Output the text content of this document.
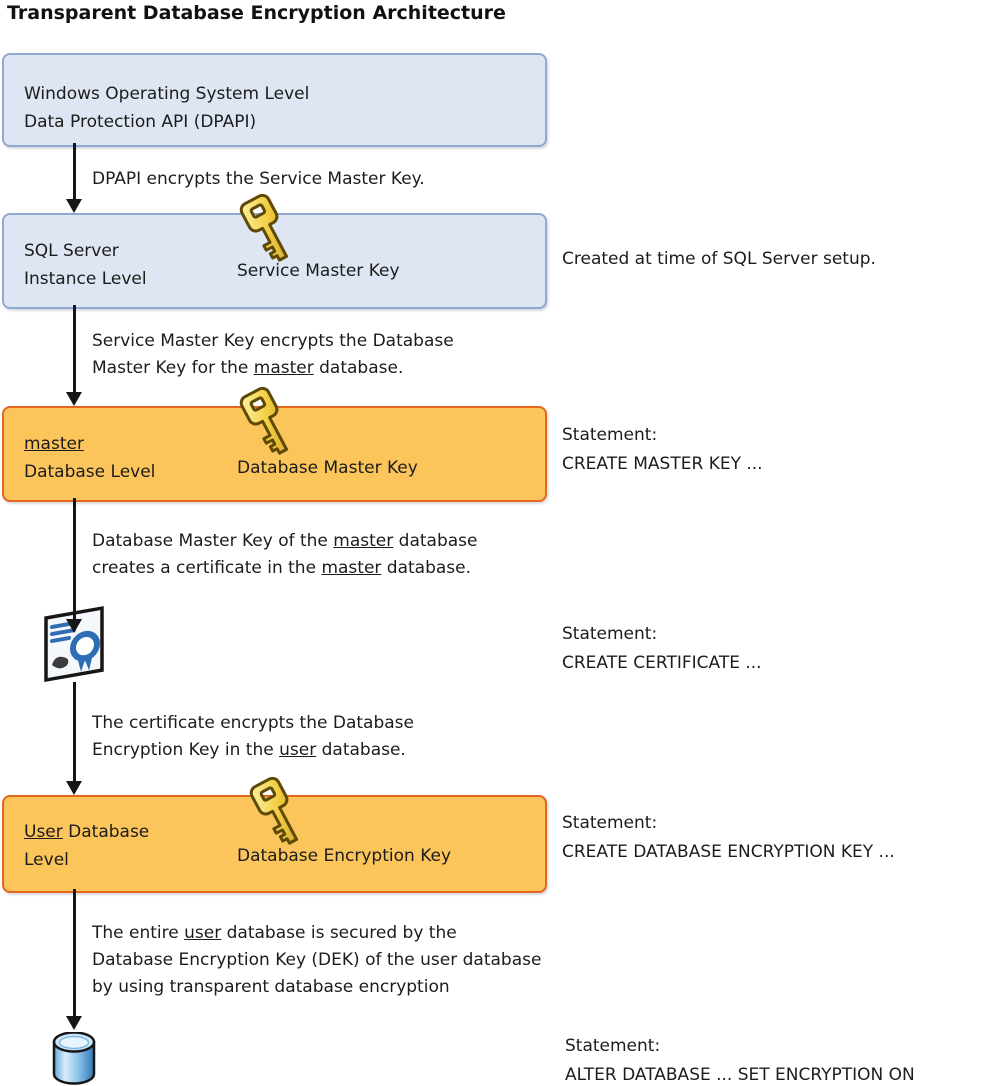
Transparent Database Encryption Architecture
Windows Operating System Level
Data Protection API (DPAPI)
DPAPI encrypts the Service Master Key.
SQL Server
Instance Level	Service Master Key
Created at time of SQL Server setup.
Service Master Key encrypts the Database
Master Key for the master database.
master
Database Level	Database Master Key
Statement:
CREATE MASTER KEY ...
Database Master Key of the master database
creates a certificate in the master database.
Statement:
CREATE CERTIFICATE ...
The certificate encrypts the Database
Encryption Key in the user database.
User Database
Level	Database Encryption Key
Statement:
CREATE DATABASE ENCRYPTION KEY ...
The entire user database is secured by the
Database Encryption Key (DEK) of the user database
by using transparent database encryption
Statement:
ALTER DATABASE ... SET ENCRYPTION ON
